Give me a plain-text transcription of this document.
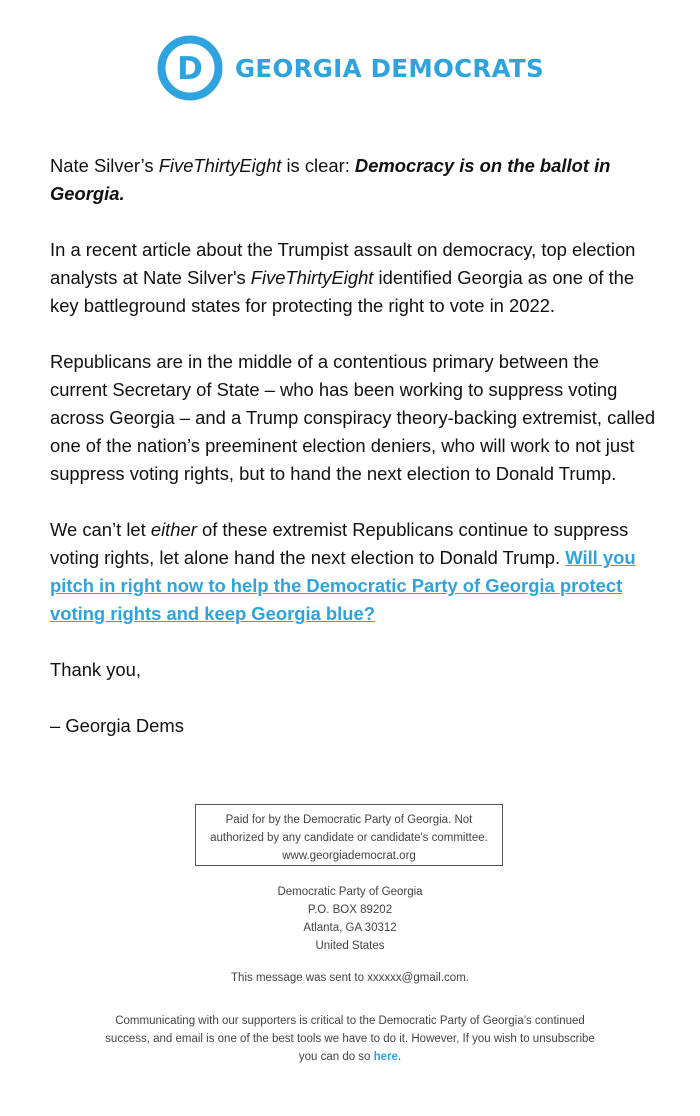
D GEORGIA DEMOCRATS

Nate Silver’s FiveThirtyEight is clear: Democracy is on the ballot in Georgia.

In a recent article about the Trumpist assault on democracy, top election analysts at Nate Silver's FiveThirtyEight identified Georgia as one of the key battleground states for protecting the right to vote in 2022.

Republicans are in the middle of a contentious primary between the current Secretary of State – who has been working to suppress voting across Georgia – and a Trump conspiracy theory-backing extremist, called one of the nation’s preeminent election deniers, who will work to not just suppress voting rights, but to hand the next election to Donald Trump.

We can’t let either of these extremist Republicans continue to suppress voting rights, let alone hand the next election to Donald Trump. Will you pitch in right now to help the Democratic Party of Georgia protect voting rights and keep Georgia blue?

Thank you,

– Georgia Dems

Paid for by the Democratic Party of Georgia. Not
authorized by any candidate or candidate's committee.
www.georgiademocrat.org
Democratic Party of Georgia
P.O. BOX 89202
Atlanta, GA 30312
United States
This message was sent to xxxxxx@gmail.com.
Communicating with our supporters is critical to the Democratic Party of Georgia’s continued success, and email is one of the best tools we have to do it. However, If you wish to unsubscribe you can do so here.
